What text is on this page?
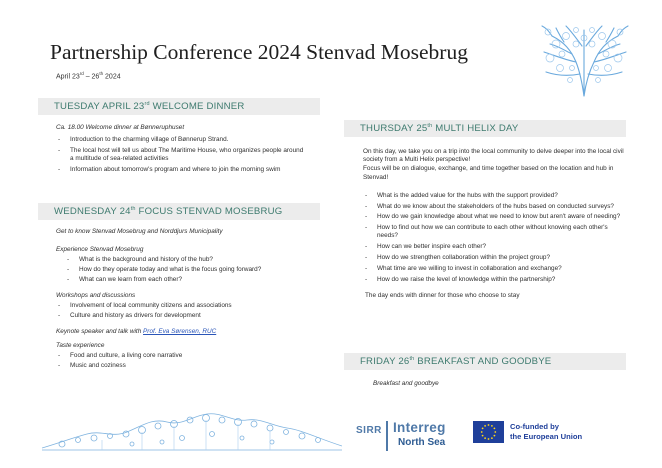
Partnership Conference 2024 Stenvad Mosebrug
April 23rd – 26th 2024
TUESDAY APRIL 23rd WELCOME DINNER
Ca. 18.00 Welcome dinner at Bønneruphuset
- Introduction to the charming village of Bønnerup Strand.
- The local host will tell us about The Maritime House, who organizes people around a multitude of sea-related activities
- Information about tomorrow's program and where to join the morning swim
WEDNESDAY 24th FOCUS STENVAD MOSEBRUG
Get to know Stenvad Mosebrug and Norddjurs Municipality
Experience Stenvad Mosebrug
- What is the background and history of the hub?
- How do they operate today and what is the focus going forward?
- What can we learn from each other?
Workshops and discussions
- Involvement of local community citizens and associations
- Culture and history as drivers for development
Keynote speaker and talk with Prof. Eva Sørensen, RUC
Taste experience
- Food and culture, a living core narrative
- Music and coziness
THURSDAY 25th MULTI HELIX DAY
On this day, we take you on a trip into the local community to delve deeper into the local civil society from a Multi Helix perspective!
Focus will be on dialogue, exchange, and time together based on the location and hub in Stenvad!
- What is the added value for the hubs with the support provided?
- What do we know about the stakeholders of the hubs based on conducted surveys?
- How do we gain knowledge about what we need to know but aren't aware of needing?
- How to find out how we can contribute to each other without knowing each other's needs?
- How can we better inspire each other?
- How do we strengthen collaboration within the project group?
- What time are we willing to invest in collaboration and exchange?
- How do we raise the level of knowledge within the partnership?
The day ends with dinner for those who choose to stay
FRIDAY 26th BREAKFAST AND GOODBYE
Breakfast and goodbye
SIRR Interreg
North Sea
Co-funded by
the European Union
